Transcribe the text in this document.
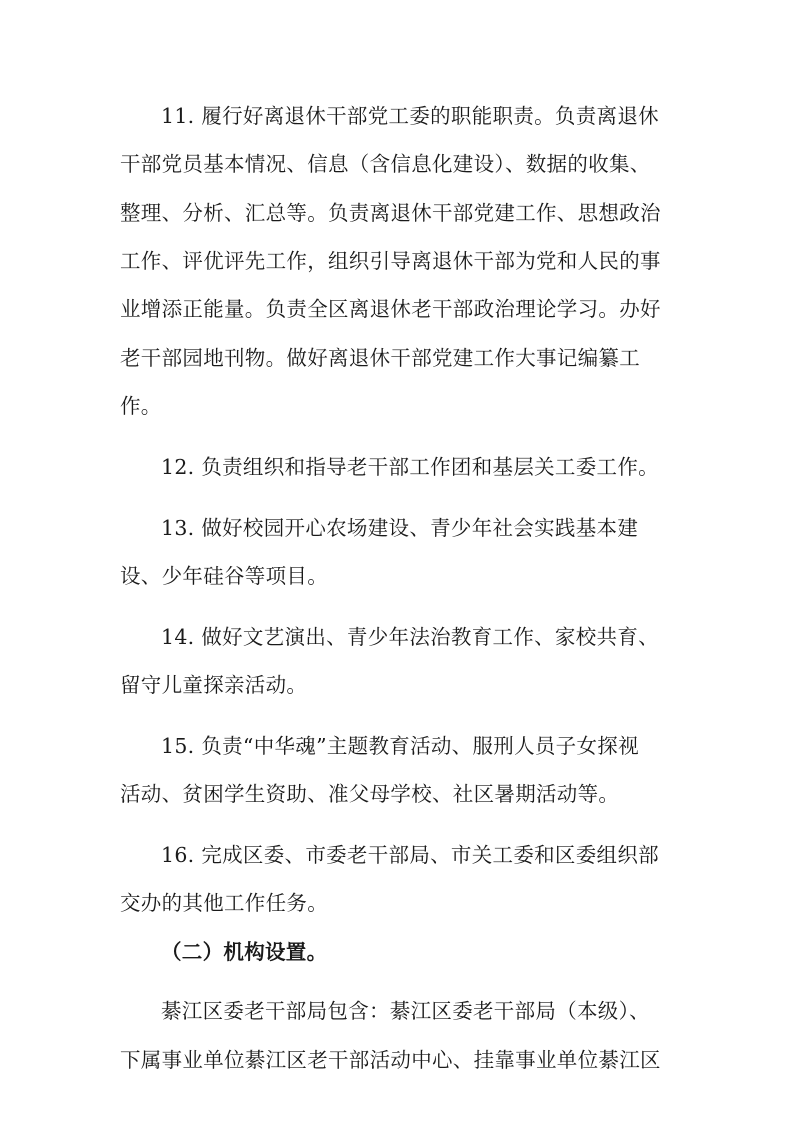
11. 履行好离退休干部党工委的职能职责。负责离退休
干部党员基本情况、信息（含信息化建设）、数据的收集、
整理、分析、汇总等。负责离退休干部党建工作、思想政治
工作、评优评先工作，组织引导离退休干部为党和人民的事
业增添正能量。负责全区离退休老干部政治理论学习。办好
老干部园地刊物。做好离退休干部党建工作大事记编纂工
作。
12. 负责组织和指导老干部工作团和基层关工委工作。
13. 做好校园开心农场建设、青少年社会实践基本建
设、少年硅谷等项目。
14. 做好文艺演出、青少年法治教育工作、家校共育、
留守儿童探亲活动。
15. 负责“中华魂”主题教育活动、服刑人员子女探视
活动、贫困学生资助、准父母学校、社区暑期活动等。
16. 完成区委、市委老干部局、市关工委和区委组织部
交办的其他工作任务。
（二）机构设置。
綦江区委老干部局包含：綦江区委老干部局（本级）、
下属事业单位綦江区老干部活动中心、挂靠事业单位綦江区
